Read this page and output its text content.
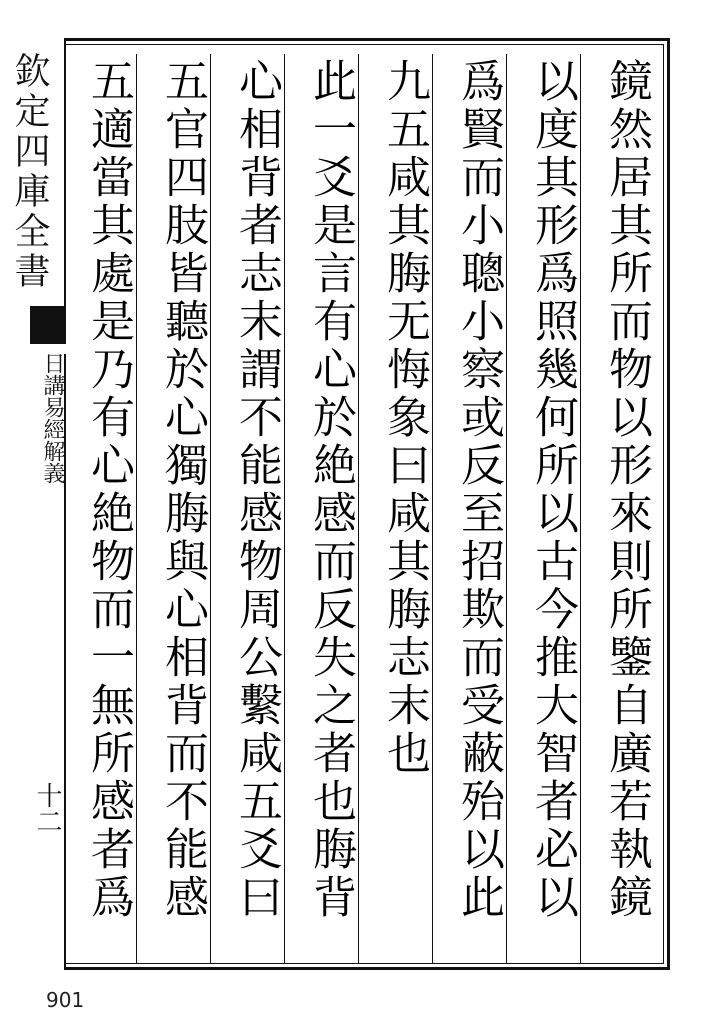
欽定四庫全書
日講易經解義
十二
鏡然居其所而物以形來則所鑒自廣若執鏡
以度其形爲照幾何所以古今推大智者必以
爲賢而小聰小察或反至招欺而受蔽殆以此
九五咸其脢无悔象曰咸其脢志末也
此一爻是言有心於絶感而反失之者也脢背
心相背者志末謂不能感物周公繫咸五爻曰
五官四肢皆聽於心獨脢與心相背而不能感
五適當其處是乃有心絶物而一無所感者爲
901
